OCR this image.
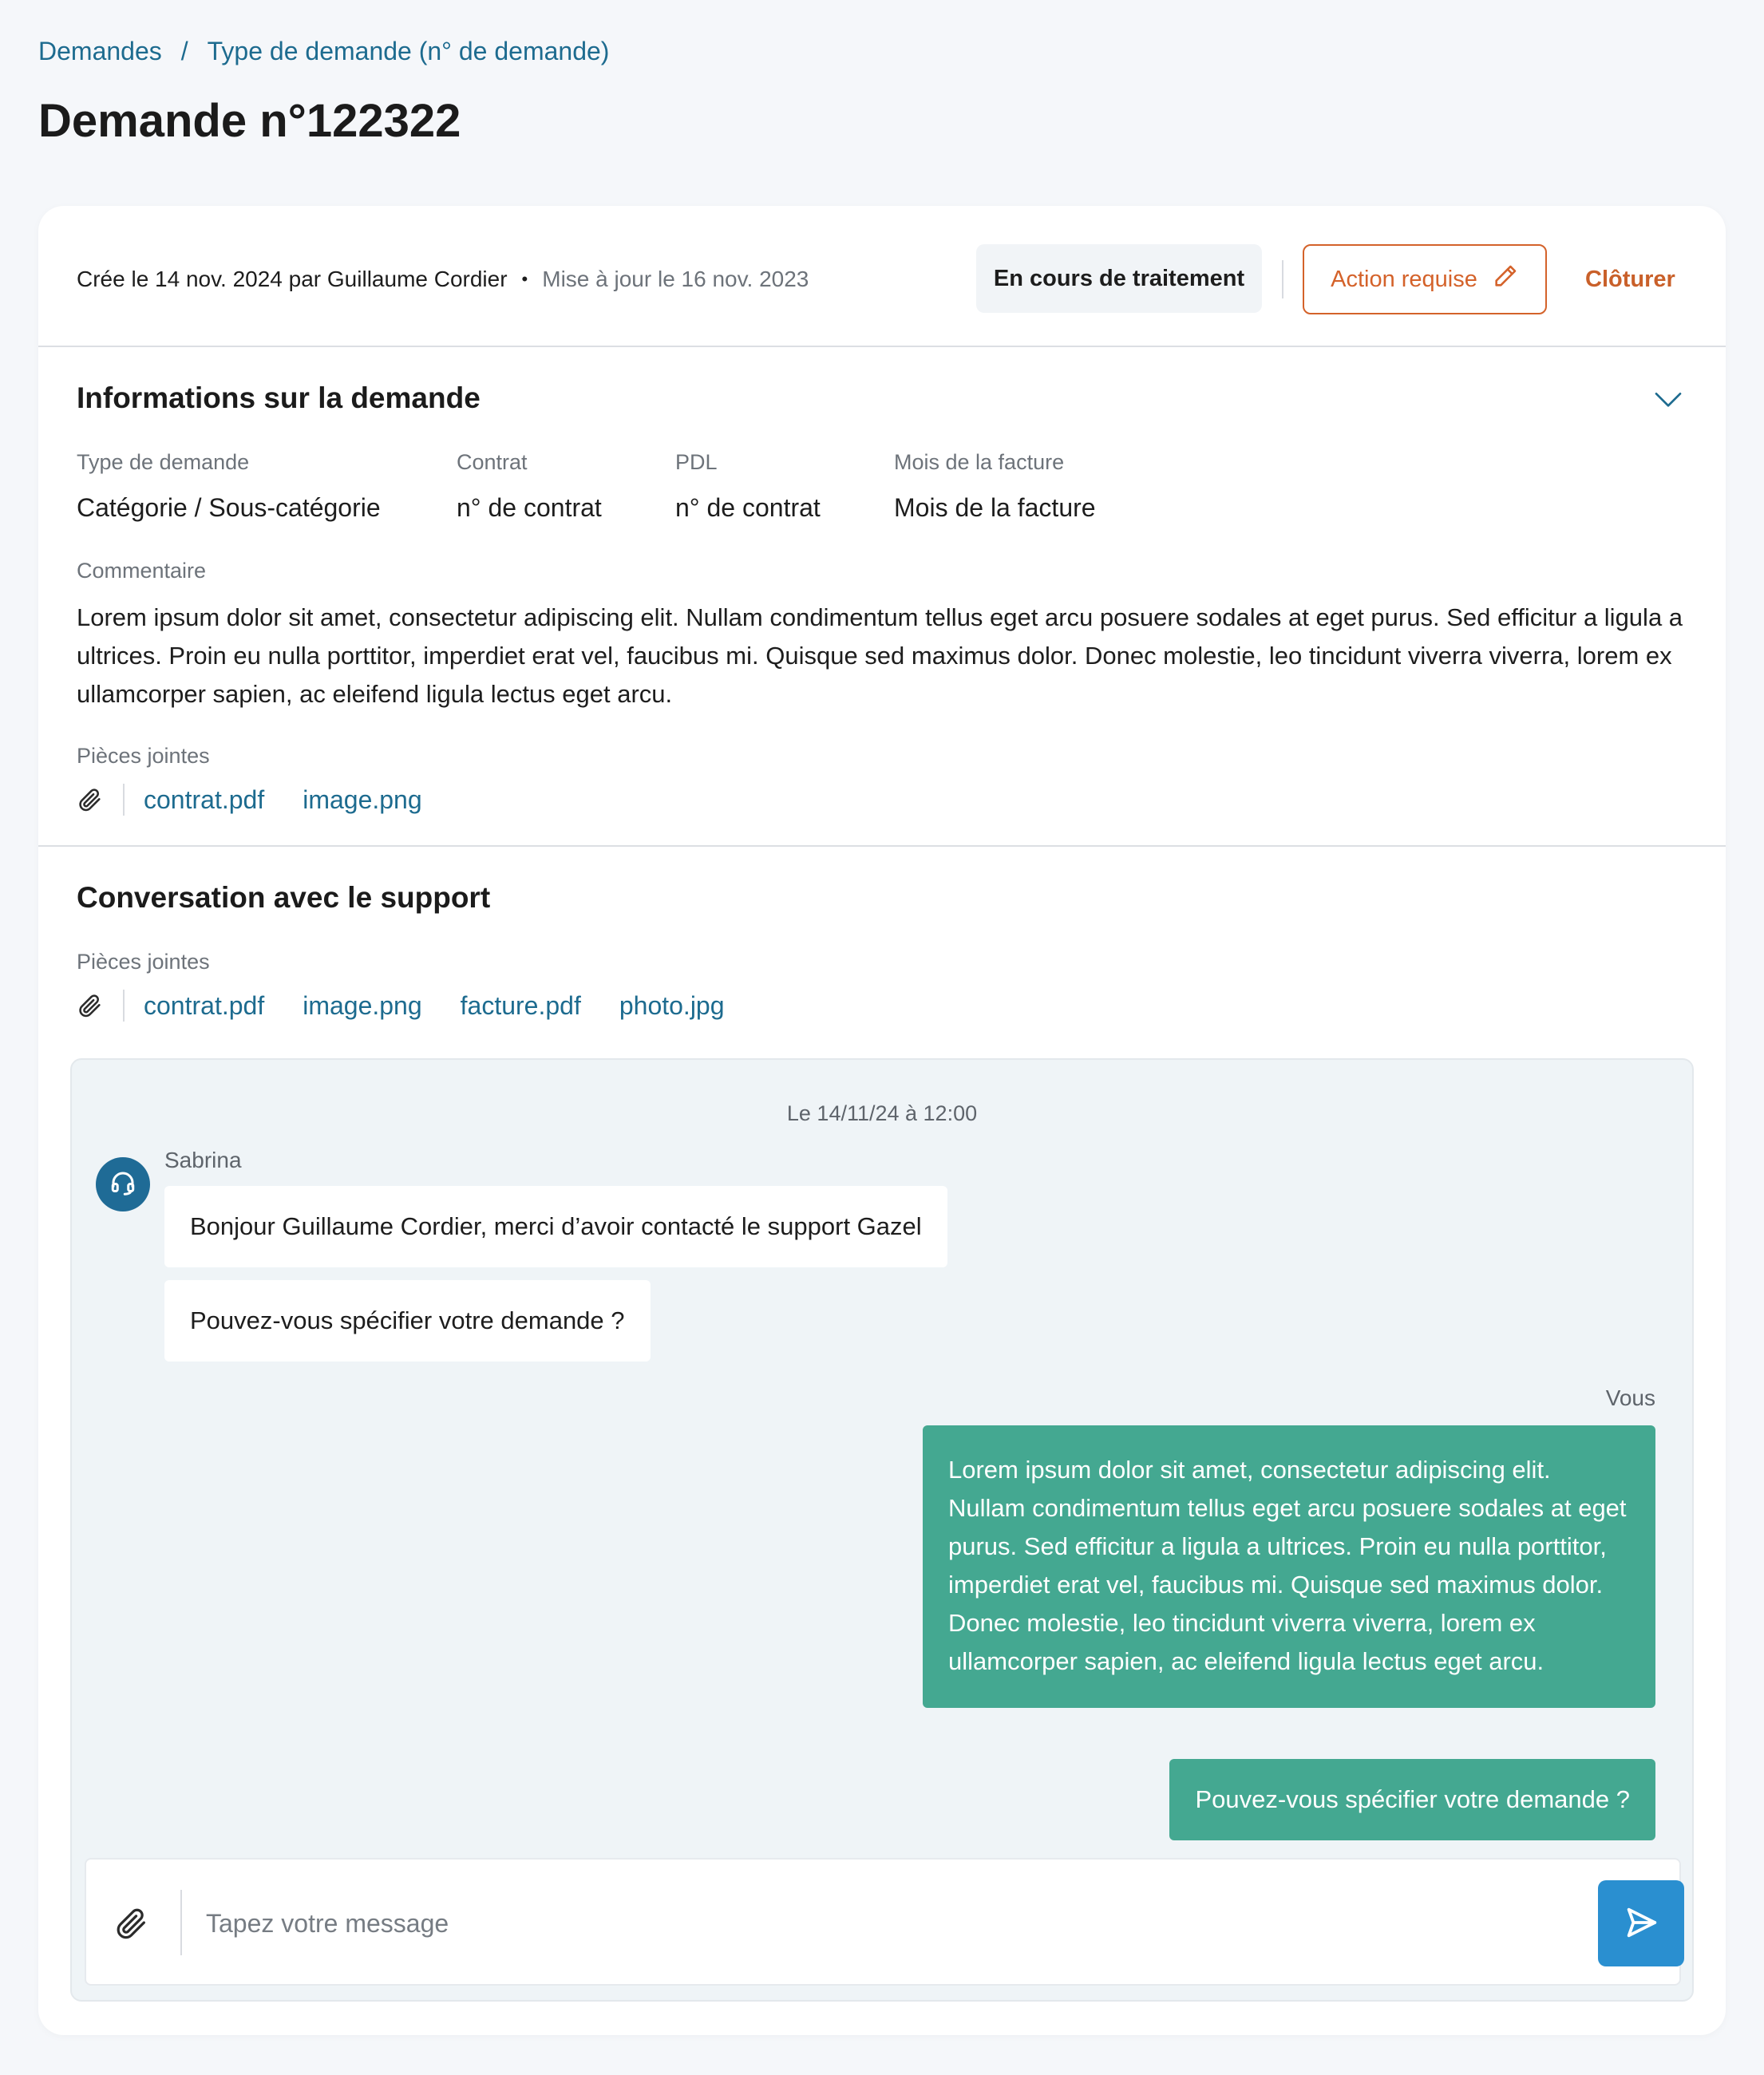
Demandes / Type de demande (n° de demande)
Demande n°122322
Crée le 14 nov. 2024 par Guillaume Cordier • Mise à jour le 16 nov. 2023	En cours de traitement	Action requise	Clôturer
Informations sur la demande
Type de demande
Catégorie / Sous-catégorie
Contrat
n° de contrat
PDL
n° de contrat
Mois de la facture
Mois de la facture
Commentaire

Lorem ipsum dolor sit amet, consectetur adipiscing elit. Nullam condimentum tellus eget arcu posuere sodales at eget purus. Sed efficitur a ligula a ultrices. Proin eu nulla porttitor, imperdiet erat vel, faucibus mi. Quisque sed maximus dolor. Donec molestie, leo tincidunt viverra viverra, lorem ex ullamcorper sapien, ac eleifend ligula lectus eget arcu.

Pièces jointes
contrat.pdf image.png
Conversation avec le support
Pièces jointes
contrat.pdf image.png facture.pdf photo.jpg
Le 14/11/24 à 12:00
Sabrina
Bonjour Guillaume Cordier, merci d’avoir contacté le support Gazel
Pouvez-vous spécifier votre demande ?
Vous
Lorem ipsum dolor sit amet, consectetur adipiscing elit. Nullam condimentum tellus eget arcu posuere sodales at eget purus. Sed efficitur a ligula a ultrices. Proin eu nulla porttitor, imperdiet erat vel, faucibus mi. Quisque sed maximus dolor. Donec molestie, leo tincidunt viverra viverra, lorem ex ullamcorper sapien, ac eleifend ligula lectus eget arcu.
Pouvez-vous spécifier votre demande ?
Tapez votre message
